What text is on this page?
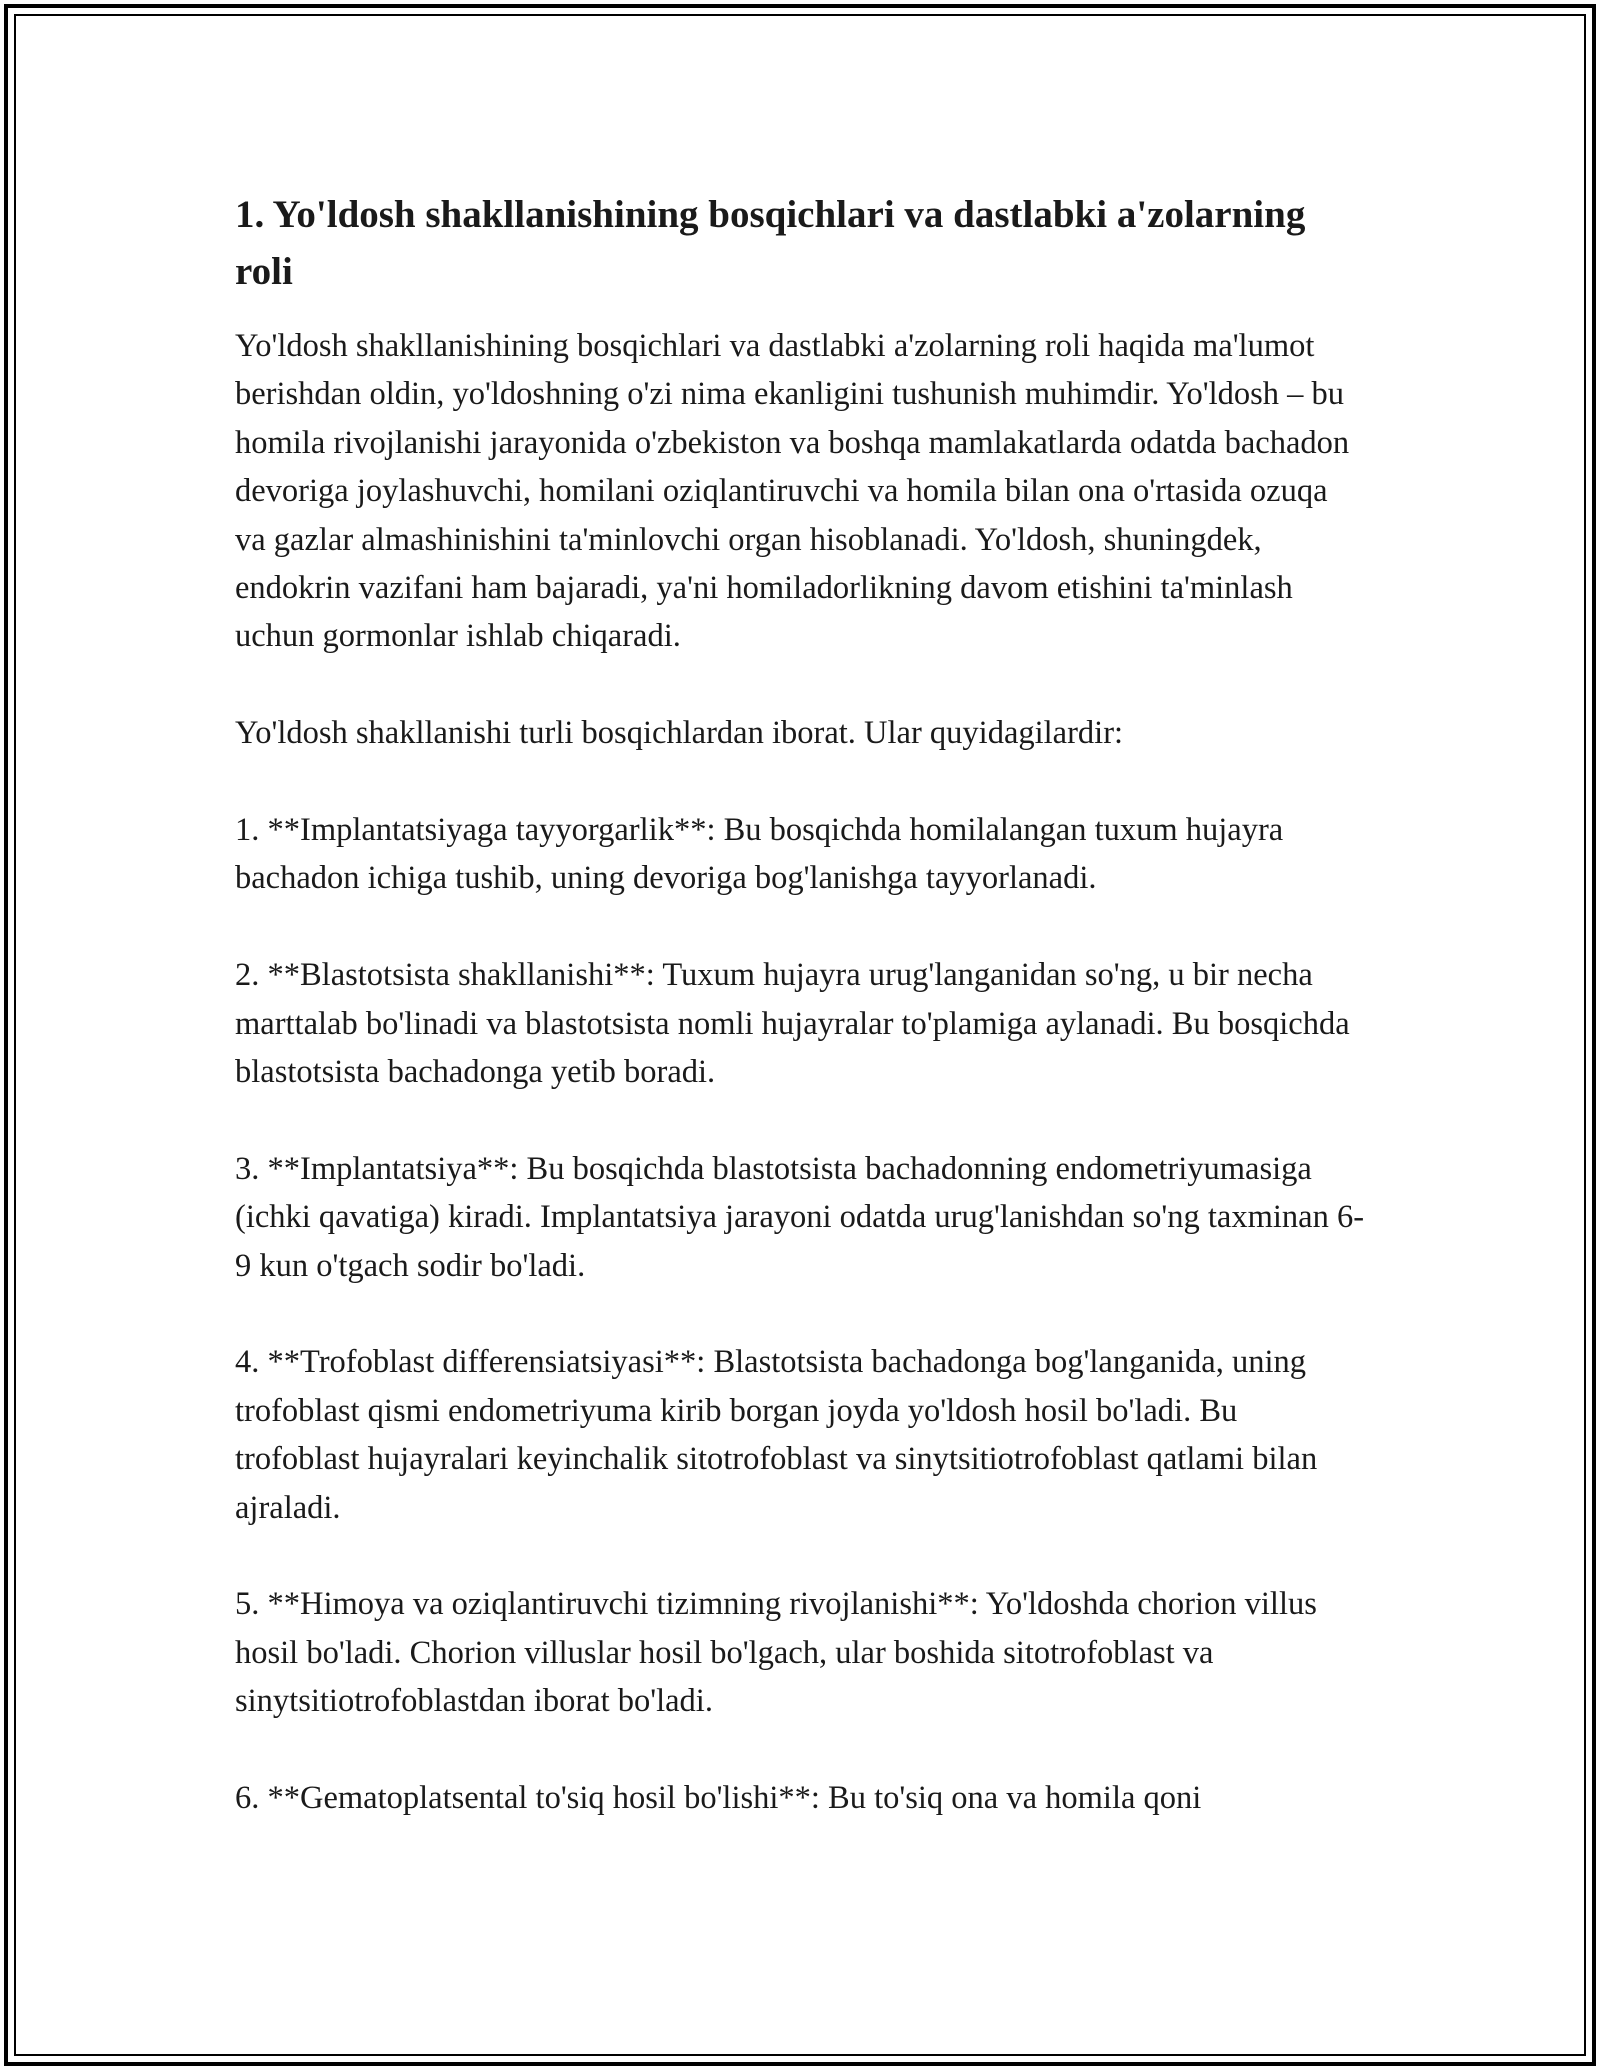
1. Yo'ldosh shakllanishining bosqichlari va dastlabki a'zolarning roli

Yo'ldosh shakllanishining bosqichlari va dastlabki a'zolarning roli haqida ma'lumot berishdan oldin, yo'ldoshning o'zi nima ekanligini tushunish muhimdir. Yo'ldosh – bu homila rivojlanishi jarayonida o'zbekiston va boshqa mamlakatlarda odatda bachadon devoriga joylashuvchi, homilani oziqlantiruvchi va homila bilan ona o'rtasida ozuqa va gazlar almashinishini ta'minlovchi organ hisoblanadi. Yo'ldosh, shuningdek, endokrin vazifani ham bajaradi, ya'ni homiladorlikning davom etishini ta'minlash uchun gormonlar ishlab chiqaradi.

Yo'ldosh shakllanishi turli bosqichlardan iborat. Ular quyidagilardir:

1. **Implantatsiyaga tayyorgarlik**: Bu bosqichda homilalangan tuxum hujayra bachadon ichiga tushib, uning devoriga bog'lanishga tayyorlanadi.

2. **Blastotsista shakllanishi**: Tuxum hujayra urug'langanidan so'ng, u bir necha marttalab bo'linadi va blastotsista nomli hujayralar to'plamiga aylanadi. Bu bosqichda blastotsista bachadonga yetib boradi.

3. **Implantatsiya**: Bu bosqichda blastotsista bachadonning endometriyumasiga (ichki qavatiga) kiradi. Implantatsiya jarayoni odatda urug'lanishdan so'ng taxminan 6-9 kun o'tgach sodir bo'ladi.

4. **Trofoblast differensiatsiyasi**: Blastotsista bachadonga bog'langanida, uning trofoblast qismi endometriyuma kirib borgan joyda yo'ldosh hosil bo'ladi. Bu trofoblast hujayralari keyinchalik sitotrofoblast va sinytsitiotrofoblast qatlami bilan ajraladi.

5. **Himoya va oziqlantiruvchi tizimning rivojlanishi**: Yo'ldoshda chorion villus hosil bo'ladi. Chorion villuslar hosil bo'lgach, ular boshida sitotrofoblast va sinytsitiotrofoblastdan iborat bo'ladi.

6. **Gematoplatsental to'siq hosil bo'lishi**: Bu to'siq ona va homila qoni
